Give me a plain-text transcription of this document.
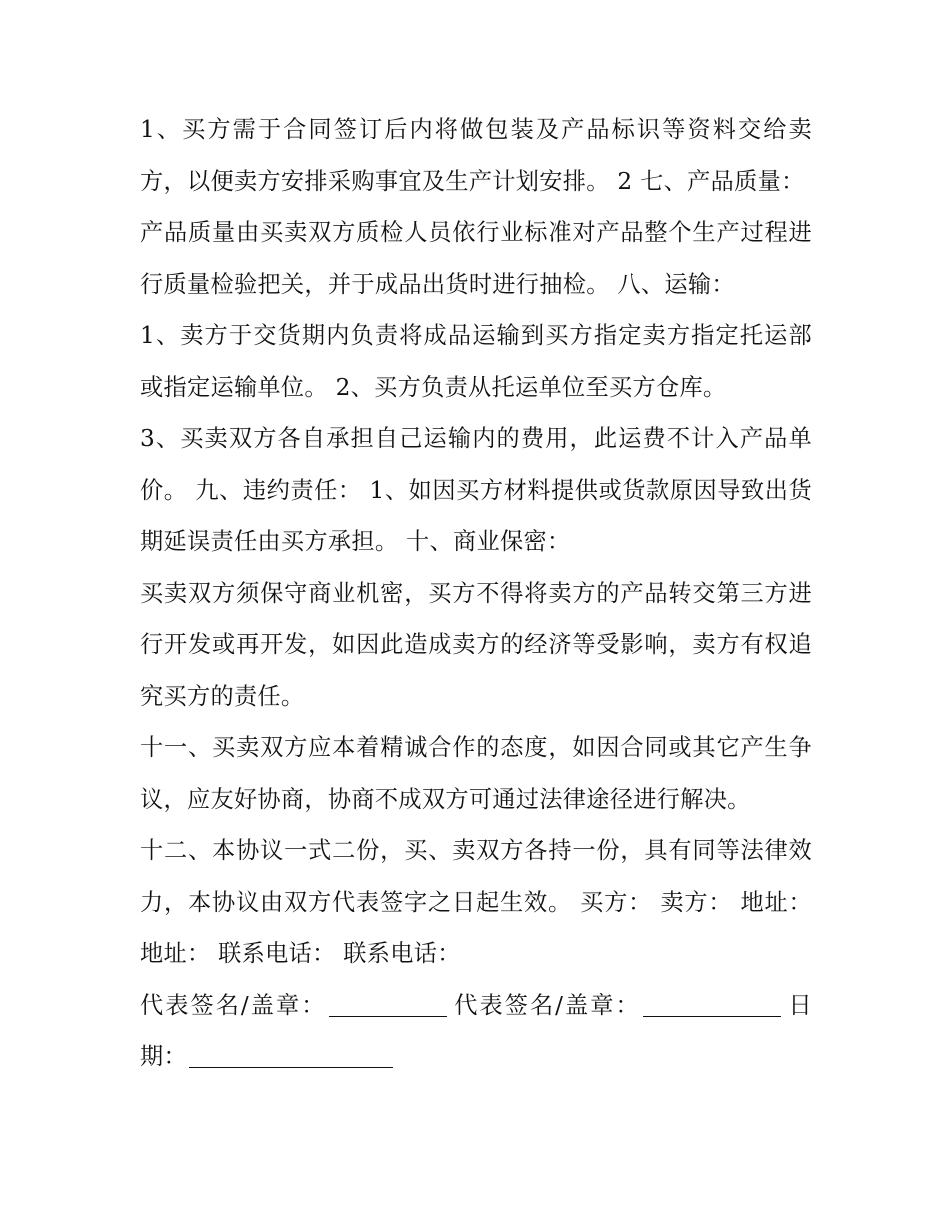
1、买方需于合同签订后内将做包装及产品标识等资料交给卖方，以便卖方安排采购事宜及生产计划安排。 2 七、产品质量：

产品质量由买卖双方质检人员依行业标准对产品整个生产过程进行质量检验把关，并于成品出货时进行抽检。 八、运输：

1、卖方于交货期内负责将成品运输到买方指定卖方指定托运部或指定运输单位。 2、买方负责从托运单位至买方仓库。

3、买卖双方各自承担自己运输内的费用，此运费不计入产品单价。 九、违约责任： 1、如因买方材料提供或货款原因导致出货期延误责任由买方承担。 十、商业保密：

买卖双方须保守商业机密，买方不得将卖方的产品转交第三方进行开发或再开发，如因此造成卖方的经济等受影响，卖方有权追究买方的责任。

十一、买卖双方应本着精诚合作的态度，如因合同或其它产生争议，应友好协商，协商不成双方可通过法律途径进行解决。

十二、本协议一式二份，买、卖双方各持一份，具有同等法律效力，本协议由双方代表签字之日起生效。 买方： 卖方： 地址： 地址： 联系电话： 联系电话：

代表签名/盖章：	代表签名/盖章：	日期：
